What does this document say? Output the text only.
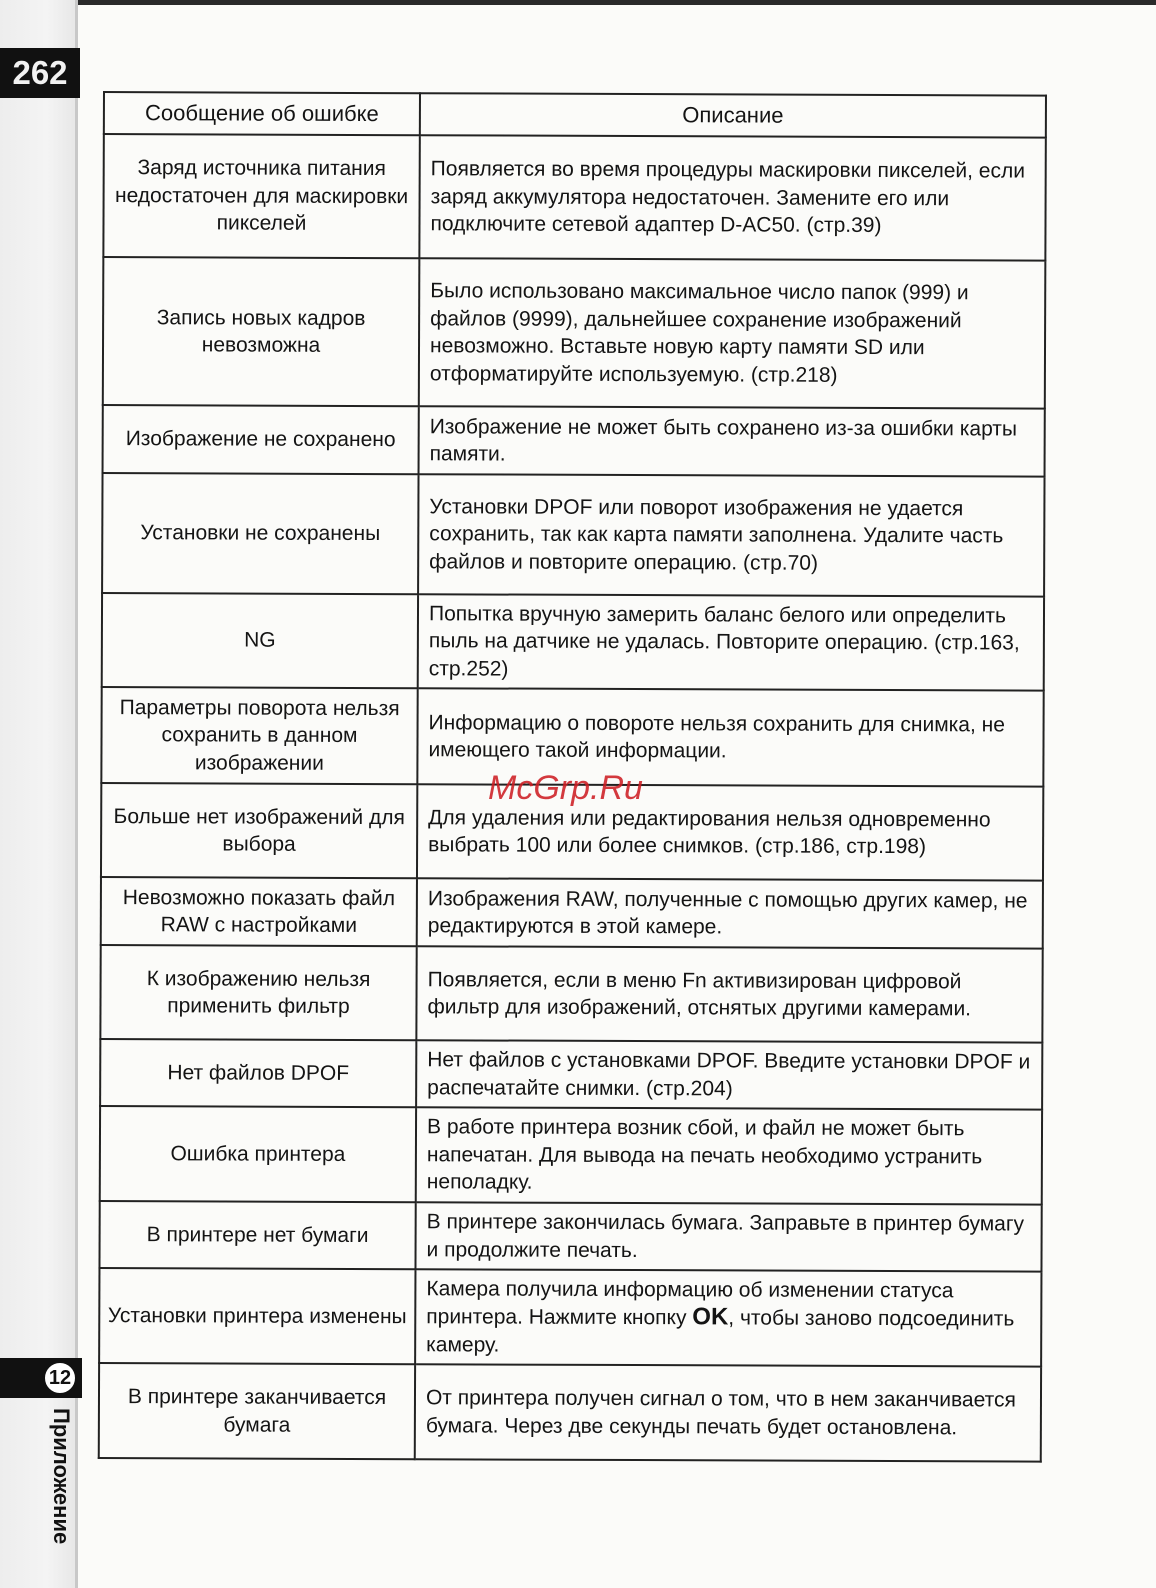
262
12
Приложение
Сообщение об ошибке	Описание
Заряд источника питания недостаточен для маскировки пикселей	Появляется во время процедуры маскировки пикселей, если заряд аккумулятора недостаточен. Замените его или подключите сетевой адаптер D-AC50. (стр.39)
Запись новых кадров невозможна	Было использовано максимальное число папок (999) и файлов (9999), дальнейшее сохранение изображений невозможно. Вставьте новую карту памяти SD или отформатируйте используемую. (стр.218)
Изображение не сохранено	Изображение не может быть сохранено из-за ошибки карты памяти.
Установки не сохранены	Установки DPOF или поворот изображения не удается сохранить, так как карта памяти заполнена. Удалите часть файлов и повторите операцию. (стр.70)
NG	Попытка вручную замерить баланс белого или определить пыль на датчике не удалась. Повторите операцию. (стр.163, стр.252)
Параметры поворота нельзя сохранить в данном изображении	Информацию о повороте нельзя сохранить для снимка, не имеющего такой информации.
Больше нет изображений для выбора	Для удаления или редактирования нельзя одновременно выбрать 100 или более снимков. (стр.186, стр.198)
Невозможно показать файл RAW с настройками	Изображения RAW, полученные с помощью других камер, не редактируются в этой камере.
К изображению нельзя применить фильтр	Появляется, если в меню Fn активизирован цифровой фильтр для изображений, отснятых другими камерами.
Нет файлов DPOF	Нет файлов с установками DPOF. Введите установки DPOF и распечатайте снимки. (стр.204)
Ошибка принтера	В работе принтера возник сбой, и файл не может быть напечатан. Для вывода на печать необходимо устранить неполадку.
В принтере нет бумаги	В принтере закончилась бумага. Заправьте в принтер бумагу и продолжите печать.
Установки принтера изменены	Камера получила информацию об изменении статуса принтера. Нажмите кнопку OK, чтобы заново подсоединить камеру.
В принтере заканчивается бумага	От принтера получен сигнал о том, что в нем заканчивается бумага. Через две секунды печать будет остановлена.
McGrp.Ru
